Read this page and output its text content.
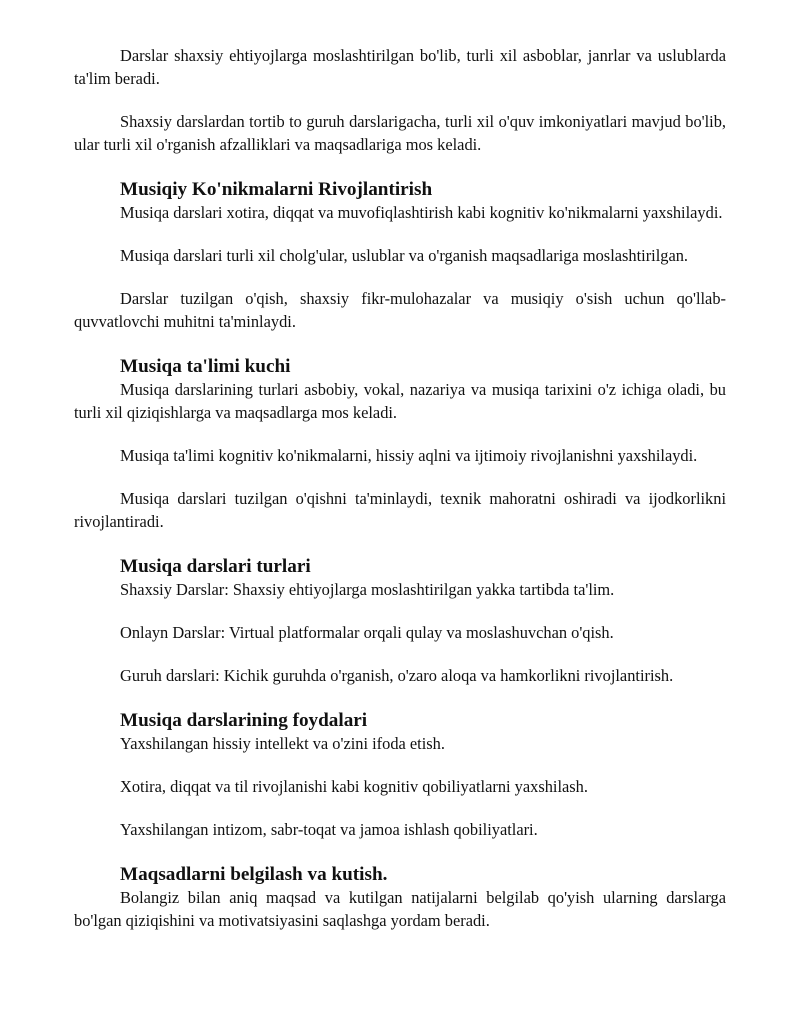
Darslar shaxsiy ehtiyojlarga moslashtirilgan bo'lib, turli xil asboblar, janrlar va uslublarda ta'lim beradi.

Shaxsiy darslardan tortib to guruh darslarigacha, turli xil o'quv imkoniyatlari mavjud bo'lib, ular turli xil o'rganish afzalliklari va maqsadlariga mos keladi.

Musiqiy Ko'nikmalarni Rivojlantirish

Musiqa darslari xotira, diqqat va muvofiqlashtirish kabi kognitiv ko'nikmalarni yaxshilaydi.

Musiqa darslari turli xil cholg'ular, uslublar va o'rganish maqsadlariga moslashtirilgan.

Darslar tuzilgan o'qish, shaxsiy fikr-mulohazalar va musiqiy o'sish uchun qo'llab-quvvatlovchi muhitni ta'minlaydi.

Musiqa ta'limi kuchi

Musiqa darslarining turlari asbobiy, vokal, nazariya va musiqa tarixini o'z ichiga oladi, bu turli xil qiziqishlarga va maqsadlarga mos keladi.

Musiqa ta'limi kognitiv ko'nikmalarni, hissiy aqlni va ijtimoiy rivojlanishni yaxshilaydi.

Musiqa darslari tuzilgan o'qishni ta'minlaydi, texnik mahoratni oshiradi va ijodkorlikni rivojlantiradi.

Musiqa darslari turlari

Shaxsiy Darslar: Shaxsiy ehtiyojlarga moslashtirilgan yakka tartibda ta'lim.

Onlayn Darslar: Virtual platformalar orqali qulay va moslashuvchan o'qish.

Guruh darslari: Kichik guruhda o'rganish, o'zaro aloqa va hamkorlikni rivojlantirish.

Musiqa darslarining foydalari

Yaxshilangan hissiy intellekt va o'zini ifoda etish.

Xotira, diqqat va til rivojlanishi kabi kognitiv qobiliyatlarni yaxshilash.

Yaxshilangan intizom, sabr-toqat va jamoa ishlash qobiliyatlari.

Maqsadlarni belgilash va kutish.

Bolangiz bilan aniq maqsad va kutilgan natijalarni belgilab qo'yish ularning darslarga bo'lgan qiziqishini va motivatsiyasini saqlashga yordam beradi.
